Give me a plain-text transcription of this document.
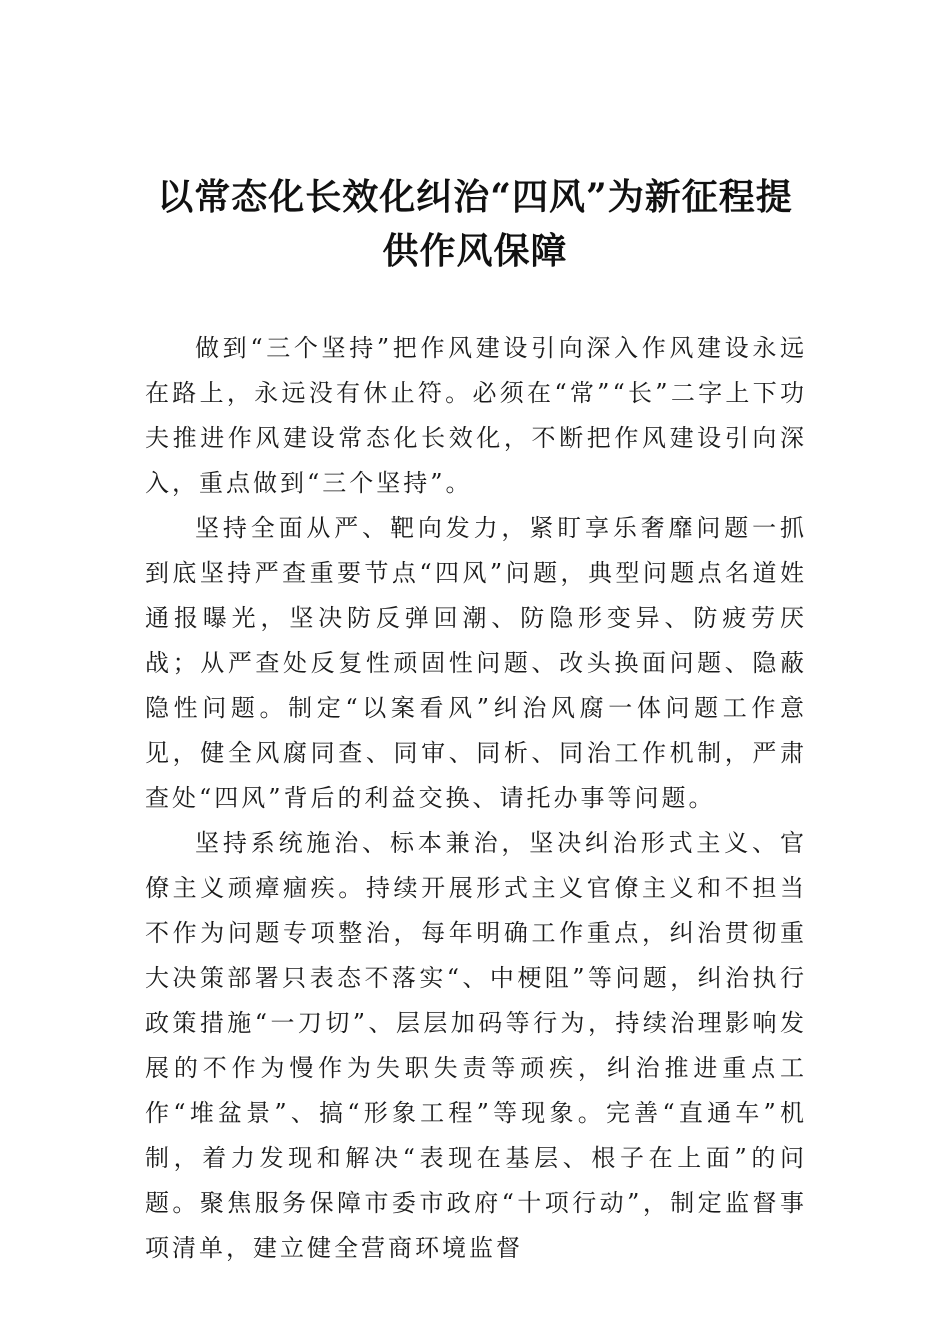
以常态化长效化纠治“四风”为新征程提供作风保障

做到“三个坚持”把作风建设引向深入作风建设永远在路上，永远没有休止符。必须在“常”“长”二字上下功夫推进作风建设常态化长效化，不断把作风建设引向深入，重点做到“三个坚持”。

坚持全面从严、靶向发力，紧盯享乐奢靡问题一抓到底坚持严查重要节点“四风”问题，典型问题点名道姓通报曝光，坚决防反弹回潮、防隐形变异、防疲劳厌战；从严查处反复性顽固性问题、改头换面问题、隐蔽隐性问题。制定“以案看风”纠治风腐一体问题工作意见，健全风腐同查、同审、同析、同治工作机制，严肃查处“四风”背后的利益交换、请托办事等问题。

坚持系统施治、标本兼治，坚决纠治形式主义、官僚主义顽瘴痼疾。持续开展形式主义官僚主义和不担当不作为问题专项整治，每年明确工作重点，纠治贯彻重大决策部署只表态不落实“、中梗阻”等问题，纠治执行政策措施“一刀切”、层层加码等行为，持续治理影响发展的不作为慢作为失职失责等顽疾，纠治推进重点工作“堆盆景”、搞“形象工程”等现象。完善“直通车”机制，着力发现和解决“表现在基层、根子在上面”的问题。聚焦服务保障市委市政府“十项行动”，制定监督事项清单，建立健全营商环境监督
